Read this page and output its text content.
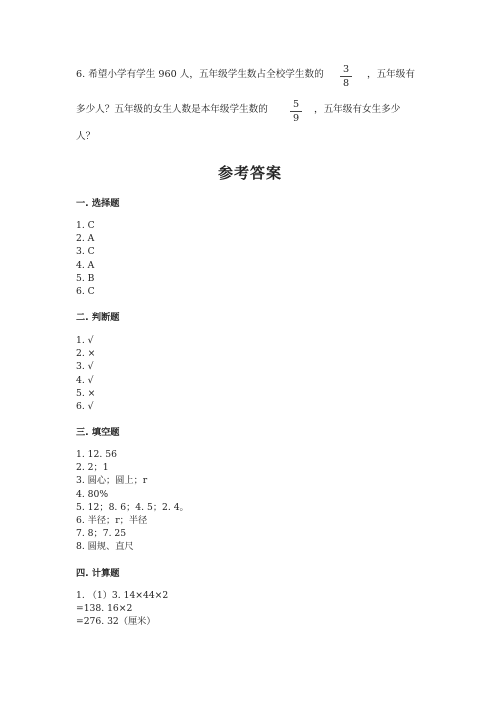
6. 希望小学有学生 960 人，五年级学生数占全校学生数的	，五年级有
3
8
多少人？五年级的女生人数是本年级学生数的	，五年级有女生多少
5
9
人？
参考答案
一. 选择题
1. C
2. A
3. C
4. A
5. B
6. C
二. 判断题
1. √
2. ×
3. √
4. √
5. ×
6. √
三. 填空题
1. 12. 56
2. 2；1
3. 圆心；圆上；r
4. 80%
5. 12；8. 6；4. 5；2. 4。
6. 半径；r；半径
7. 8；7. 25
8. 圆规、直尺
四. 计算题
1. （1）3. 14×44×2
=138. 16×2
=276. 32（厘米）
